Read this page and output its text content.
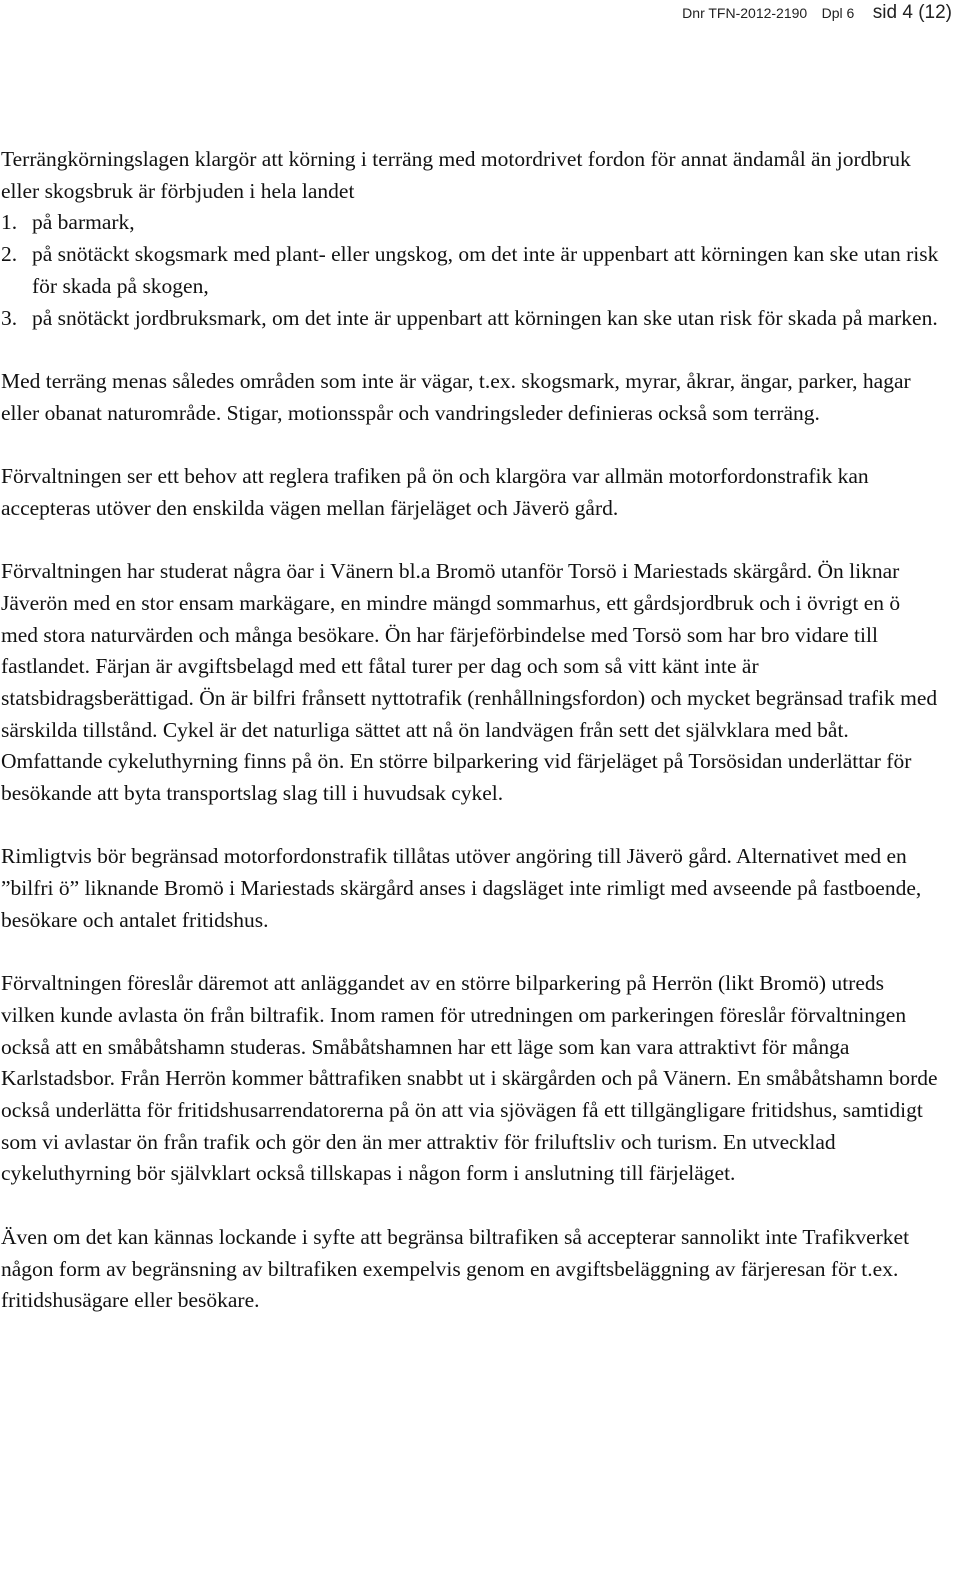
Dnr TFN-2012-2190 Dpl 6 sid 4 (12)

Terrängkörningslagen klargör att körning i terräng med motordrivet fordon för annat ändamål än jordbruk eller skogsbruk är förbjuden i hela landet

1. på barmark,
2. på snötäckt skogsmark med plant- eller ungskog, om det inte är uppenbart att körningen kan ske utan risk för skada på skogen,
3. på snötäckt jordbruksmark, om det inte är uppenbart att körningen kan ske utan risk för skada på marken.

Med terräng menas således områden som inte är vägar, t.ex. skogsmark, myrar, åkrar, ängar, parker, hagar eller obanat naturområde. Stigar, motionsspår och vandringsleder definieras också som terräng.

Förvaltningen ser ett behov att reglera trafiken på ön och klargöra var allmän motorfordonstrafik kan accepteras utöver den enskilda vägen mellan färjeläget och Jäverö gård.

Förvaltningen har studerat några öar i Vänern bl.a Bromö utanför Torsö i Mariestads skärgård. Ön liknar Jäverön med en stor ensam markägare, en mindre mängd sommarhus, ett gårdsjordbruk och i övrigt en ö med stora naturvärden och många besökare. Ön har färjeförbindelse med Torsö som har bro vidare till fastlandet. Färjan är avgiftsbelagd med ett fåtal turer per dag och som så vitt känt inte är statsbidragsberättigad. Ön är bilfri frånsett nyttotrafik (renhållningsfordon) och mycket begränsad trafik med särskilda tillstånd. Cykel är det naturliga sättet att nå ön landvägen från sett det självklara med båt. Omfattande cykeluthyrning finns på ön. En större bilparkering vid färjeläget på Torsösidan underlättar för besökande att byta transportslag slag till i huvudsak cykel.

Rimligtvis bör begränsad motorfordonstrafik tillåtas utöver angöring till Jäverö gård. Alternativet med en ”bilfri ö” liknande Bromö i Mariestads skärgård anses i dagsläget inte rimligt med avseende på fastboende, besökare och antalet fritidshus.

Förvaltningen föreslår däremot att anläggandet av en större bilparkering på Herrön (likt Bromö) utreds vilken kunde avlasta ön från biltrafik. Inom ramen för utredningen om parkeringen föreslår förvaltningen också att en småbåtshamn studeras. Småbåtshamnen har ett läge som kan vara attraktivt för många Karlstadsbor. Från Herrön kommer båttrafiken snabbt ut i skärgården och på Vänern. En småbåtshamn borde också underlätta för fritidshusarrendatorerna på ön att via sjövägen få ett tillgängligare fritidshus, samtidigt som vi avlastar ön från trafik och gör den än mer attraktiv för friluftsliv och turism. En utvecklad cykeluthyrning bör självklart också tillskapas i någon form i anslutning till färjeläget.

Även om det kan kännas lockande i syfte att begränsa biltrafiken så accepterar sannolikt inte Trafikverket någon form av begränsning av biltrafiken exempelvis genom en avgiftsbeläggning av färjeresan för t.ex. fritidshusägare eller besökare.
